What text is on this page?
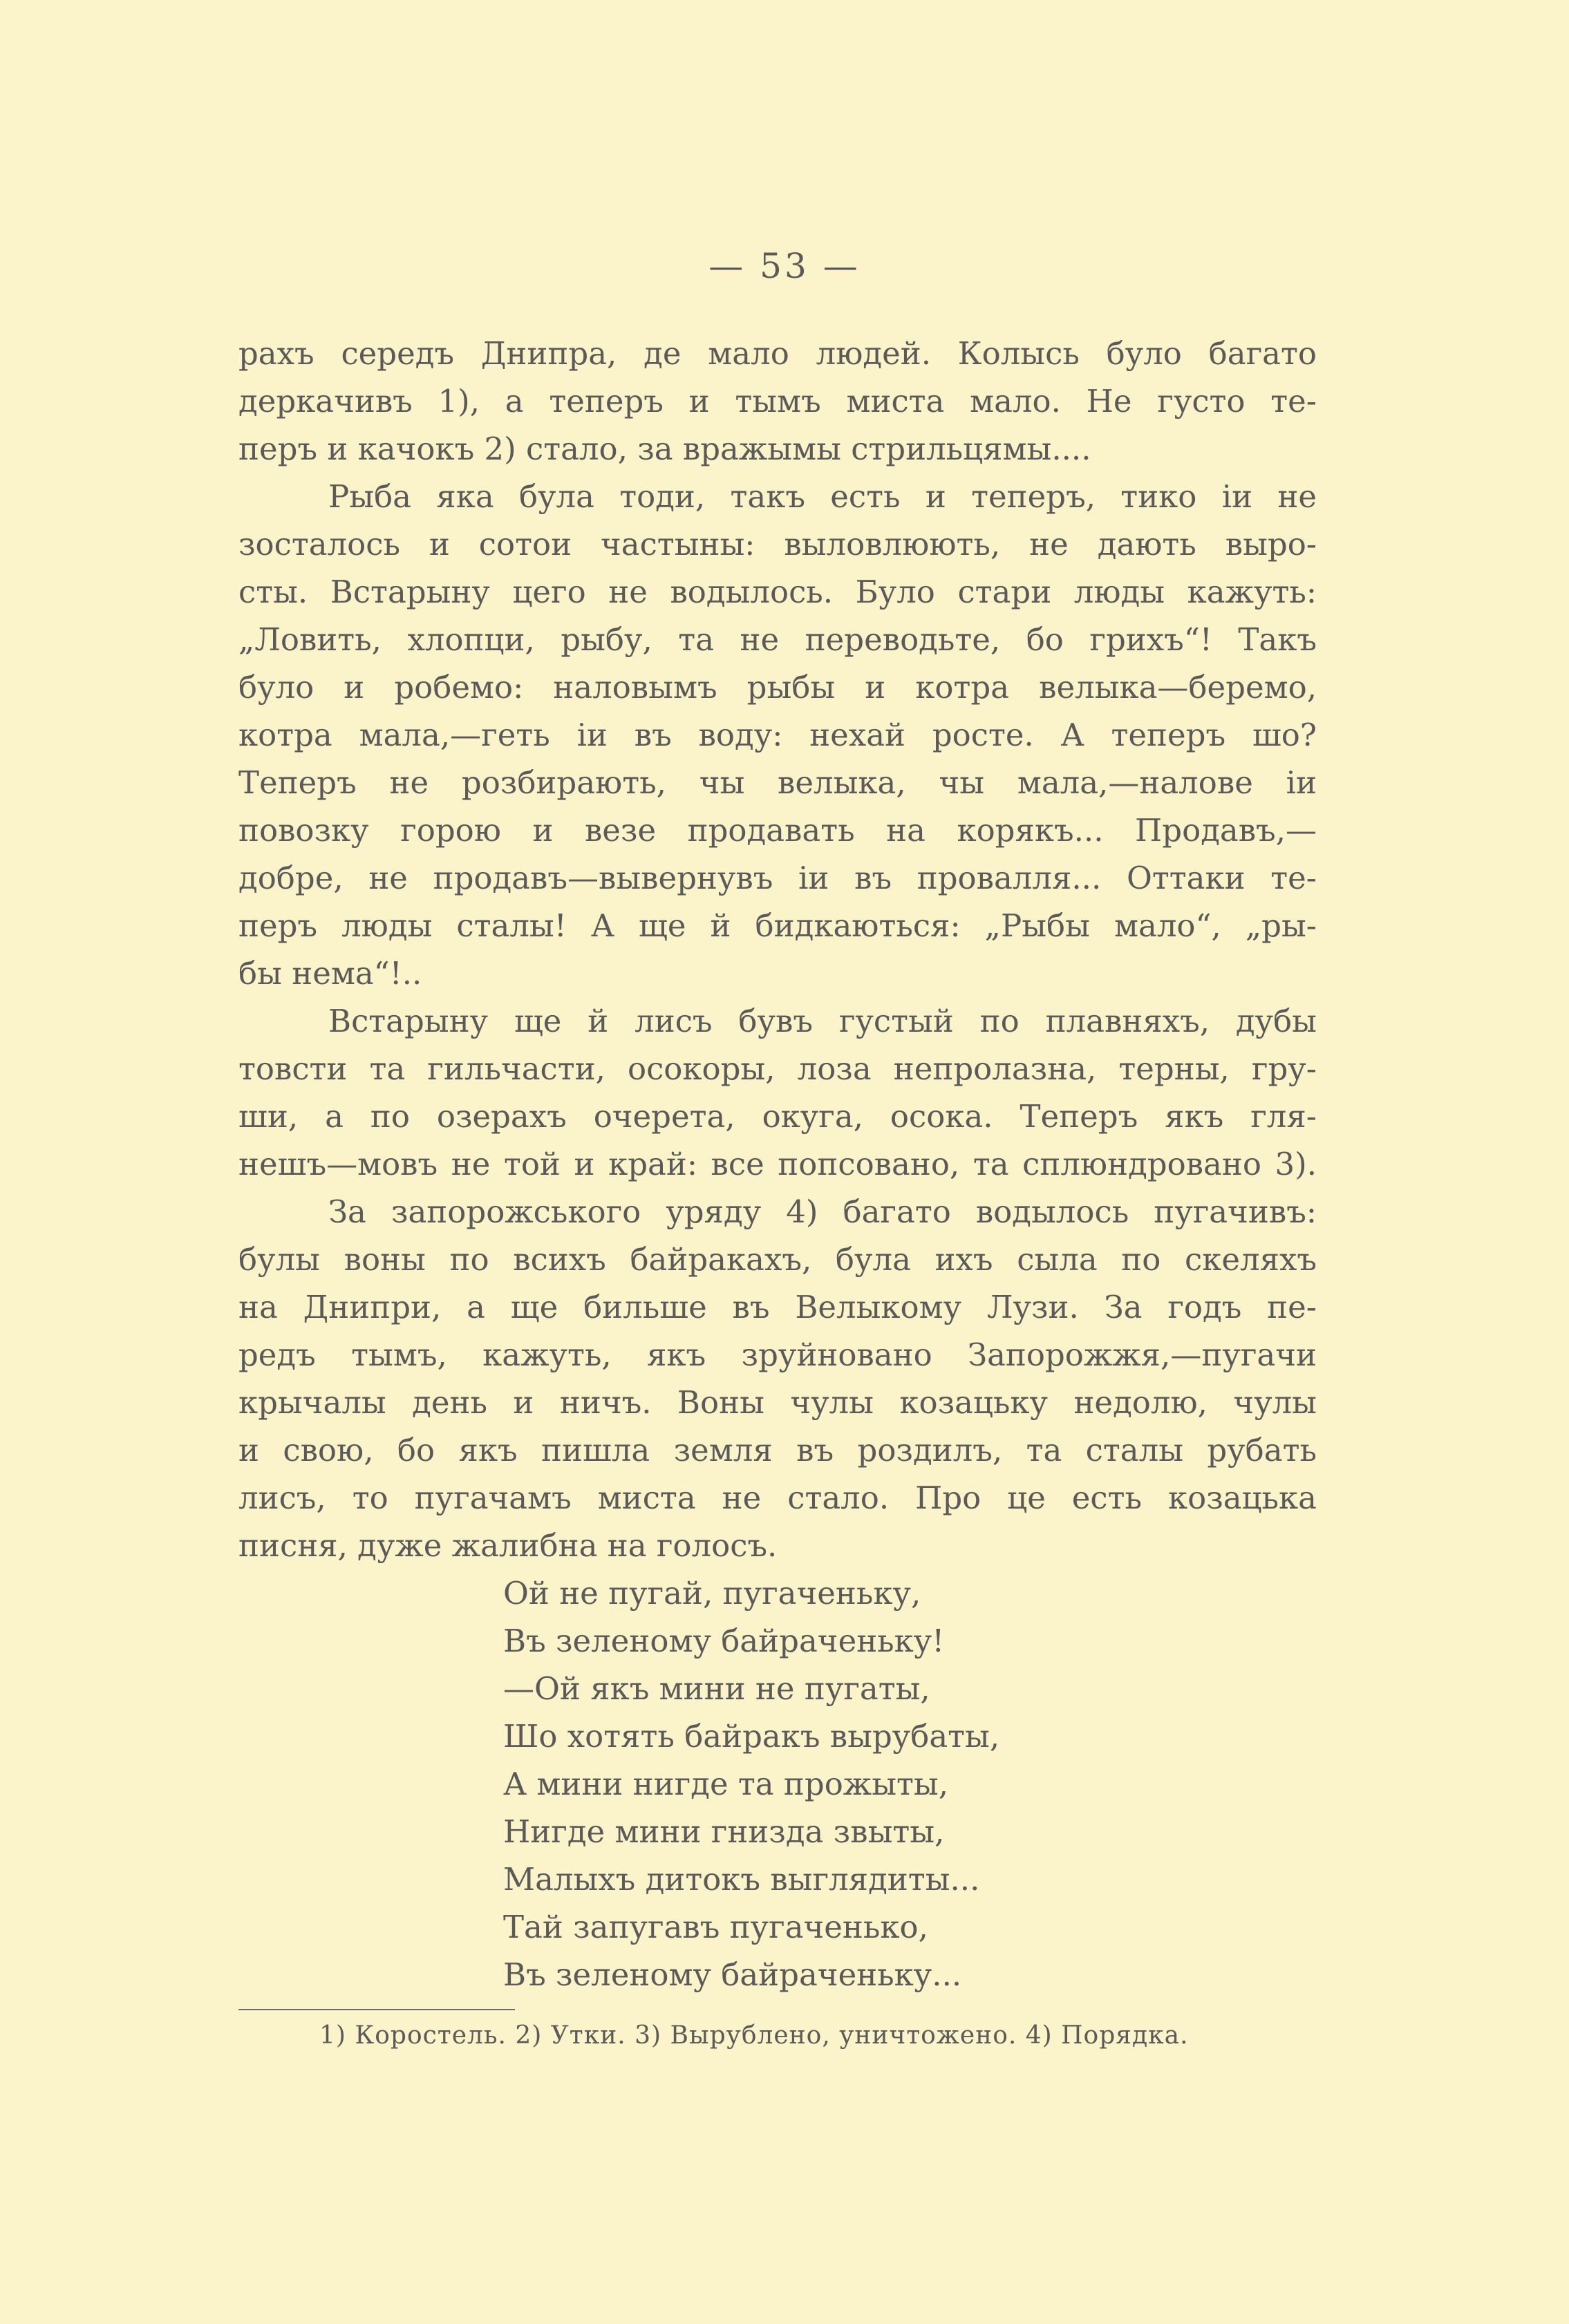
— 53 —
рахъ середъ Днипра, де мало людей. Колысь було багато
деркачивъ 1), а теперъ и тымъ миста мало. Не густо те-
перъ и качокъ 2) стало, за вражымы стрильцямы....
Рыба яка була тоди, такъ есть и теперъ, тико іи не
зосталось и сотои частыны: выловлюють, не дають выро-
сты. Встарыну цего не водылось. Було стари люды кажуть:
„Ловить, хлопци, рыбу, та не переводьте, бо грихъ“! Такъ
було и робемо: наловымъ рыбы и котра велыка—беремо,
котра мала,—геть іи въ воду: нехай росте. А теперъ шо?
Теперъ не розбирають, чы велыка, чы мала,—налове іи
повозку горою и везе продавать на корякъ... Продавъ,—
добре, не продавъ—вывернувъ іи въ провалля... Оттаки те-
перъ люды сталы! А ще й бидкаються: „Рыбы мало“, „ры-
бы нема“!..
Встарыну ще й лисъ бувъ густый по плавняхъ, дубы
товсти та гильчасти, осокоры, лоза непролазна, терны, гру-
ши, а по озерахъ очерета, окуга, осока. Теперъ якъ гля-
нешъ—мовъ не той и край: все попсовано, та сплюндровано 3).
За запорожського уряду 4) багато водылось пугачивъ:
булы воны по всихъ байракахъ, була ихъ сыла по скеляхъ
на Днипри, а ще бильше въ Велыкому Лузи. За годъ пе-
редъ тымъ, кажуть, якъ зруйновано Запорожжя,—пугачи
крычалы день и ничъ. Воны чулы козацьку недолю, чулы
и свою, бо якъ пишла земля въ роздилъ, та сталы рубать
лисъ, то пугачамъ миста не стало. Про це есть козацька
писня, дуже жалибна на голосъ.
Ой не пугай, пугаченьку,
Въ зеленому байраченьку!
—Ой якъ мини не пугаты,
Шо хотять байракъ вырубаты,
А мини нигде та прожыты,
Нигде мини гнизда звыты,
Малыхъ дитокъ выглядиты...
Тай запугавъ пугаченько,
Въ зеленому байраченьку...
1) Коростель. 2) Утки. 3) Вырублено, уничтожено. 4) Порядка.
